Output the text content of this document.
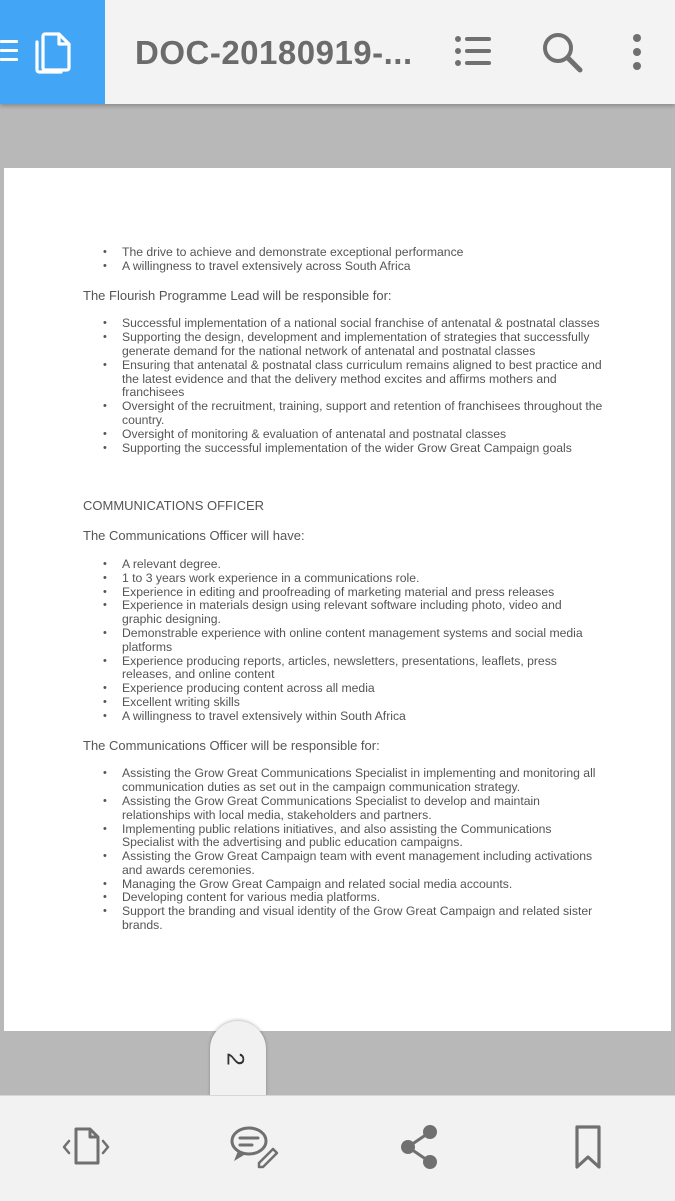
DOC-20180919-...
• The drive to achieve and demonstrate exceptional performance
• A willingness to travel extensively across South Africa

The Flourish Programme Lead will be responsible for:

• Successful implementation of a national social franchise of antenatal & postnatal classes
• Supporting the design, development and implementation of strategies that successfully generate demand for the national network of antenatal and postnatal classes
• Ensuring that antenatal & postnatal class curriculum remains aligned to best practice and the latest evidence and that the delivery method excites and affirms mothers and franchisees
• Oversight of the recruitment, training, support and retention of franchisees throughout the country.
• Oversight of monitoring & evaluation of antenatal and postnatal classes
• Supporting the successful implementation of the wider Grow Great Campaign goals

COMMUNICATIONS OFFICER

The Communications Officer will have:

• A relevant degree.
• 1 to 3 years work experience in a communications role.
• Experience in editing and proofreading of marketing material and press releases
• Experience in materials design using relevant software including photo, video and graphic designing.
• Demonstrable experience with online content management systems and social media platforms
• Experience producing reports, articles, newsletters, presentations, leaflets, press releases, and online content
• Experience producing content across all media
• Excellent writing skills
• A willingness to travel extensively within South Africa

The Communications Officer will be responsible for:

• Assisting the Grow Great Communications Specialist in implementing and monitoring all communication duties as set out in the campaign communication strategy.
• Assisting the Grow Great Communications Specialist to develop and maintain relationships with local media, stakeholders and partners.
• Implementing public relations initiatives, and also assisting the Communications Specialist with the advertising and public education campaigns.
• Assisting the Grow Great Campaign team with event management including activations and awards ceremonies.
• Managing the Grow Great Campaign and related social media accounts.
• Developing content for various media platforms.
• Support the branding and visual identity of the Grow Great Campaign and related sister brands.
2
